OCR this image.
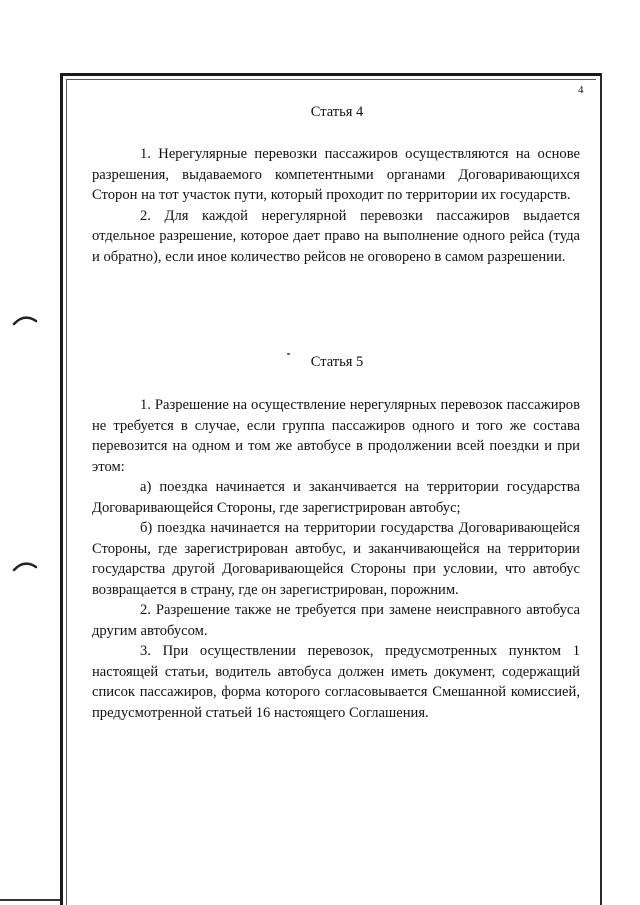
4
Статья 4

1. Нерегулярные перевозки пассажиров осуществляются на основе разрешения, выдаваемого компетентными органами Договаривающихся Сторон на тот участок пути, который проходит по территории их государств.

2. Для каждой нерегулярной перевозки пассажиров выдается отдельное разрешение, которое дает право на выполнение одного рейса (туда и обратно), если иное количество рейсов не оговорено в самом разрешении.

Статья 5

1. Разрешение на осуществление нерегулярных перевозок пассажиров не требуется в случае, если группа пассажиров одного и того же состава перевозится на одном и том же автобусе в продолжении всей поездки и при этом:

а) поездка начинается и заканчивается на территории государства Договаривающейся Стороны, где зарегистрирован автобус;

б) поездка начинается на территории государства Договаривающейся Стороны, где зарегистрирован автобус, и заканчивающейся на территории государства другой Договаривающейся Стороны при условии, что автобус возвращается в страну, где он зарегистрирован, порожним.

2. Разрешение также не требуется при замене неисправного автобуса другим автобусом.

3. При осуществлении перевозок, предусмотренных пунктом 1 настоящей статьи, водитель автобуса должен иметь документ, содержащий список пассажиров, форма которого согласовывается Смешанной комиссией, предусмотренной статьей 16 настоящего Соглашения.
